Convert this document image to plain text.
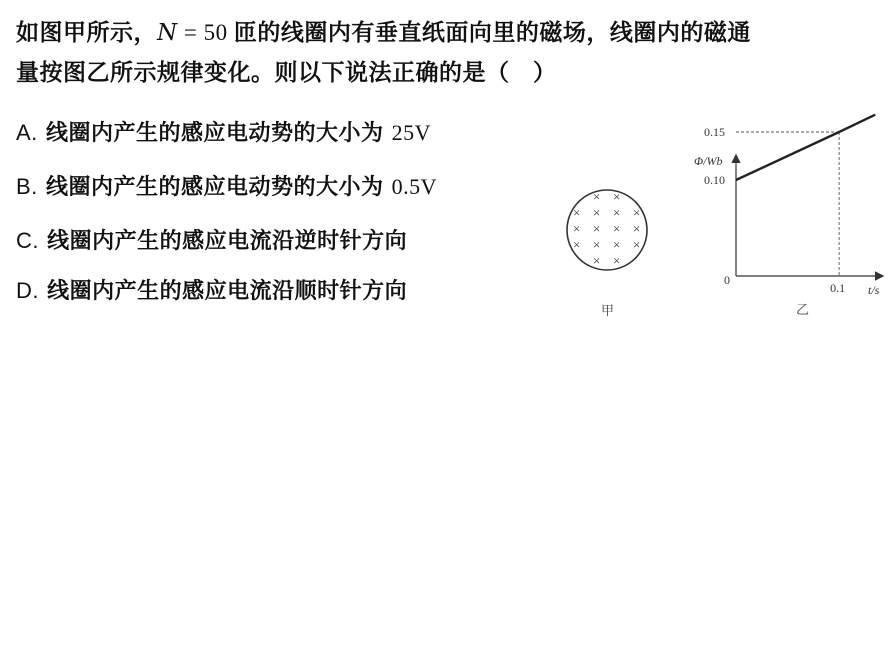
如图甲所示，N = 50 匝的线圈内有垂直纸面向里的磁场，线圈内的磁通
量按图乙所示规律变化。则以下说法正确的是（　）
A. 线圈内产生的感应电动势的大小为 25V
B. 线圈内产生的感应电动势的大小为 0.5V
C. 线圈内产生的感应电流沿逆时针方向
D. 线圈内产生的感应电流沿顺时针方向
× ×
× × × ×
× × × ×
× × × ×
× ×
甲
Φ/Wb
t/s
0
0.10
0.15
0.1
乙
